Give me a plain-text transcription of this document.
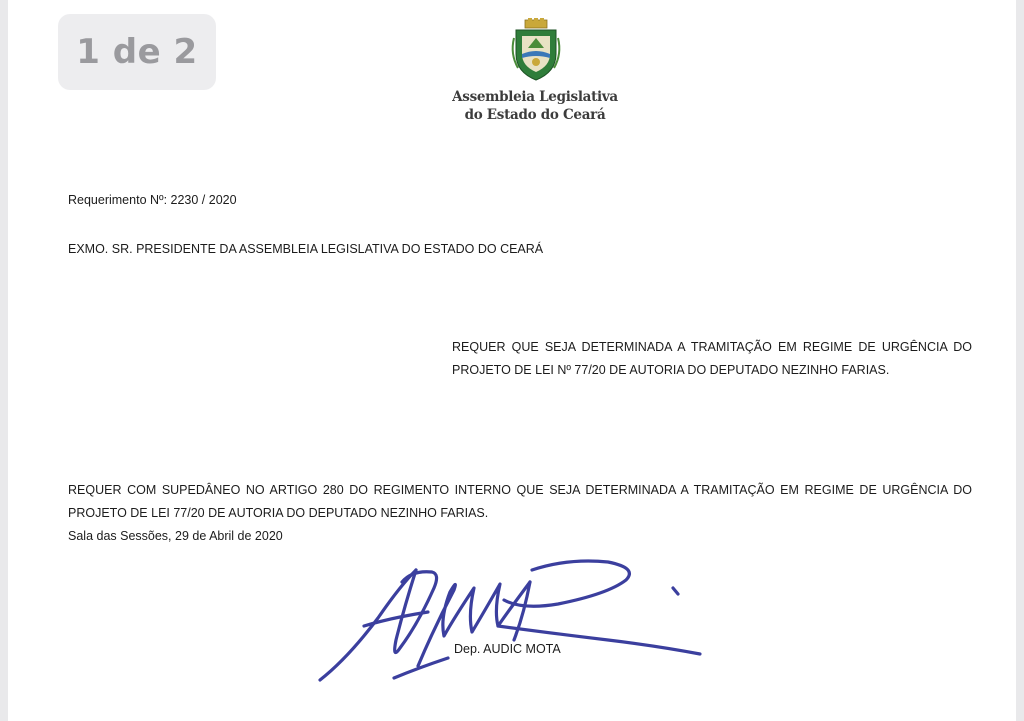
Assembleia Legislativa
do Estado do Ceará
Requerimento Nº: 2230 / 2020
EXMO. SR. PRESIDENTE DA ASSEMBLEIA LEGISLATIVA DO ESTADO DO CEARÁ
REQUER QUE SEJA DETERMINADA A TRAMITAÇÃO EM REGIME DE URGÊNCIA DO PROJETO DE LEI Nº 77/20 DE AUTORIA DO DEPUTADO NEZINHO FARIAS.
REQUER COM SUPEDÂNEO NO ARTIGO 280 DO REGIMENTO INTERNO QUE SEJA DETERMINADA A TRAMITAÇÃO EM REGIME DE URGÊNCIA DO PROJETO DE LEI 77/20 DE AUTORIA DO DEPUTADO NEZINHO FARIAS.
Sala das Sessões, 29 de Abril de 2020
Dep. AUDIC MOTA
1 de 2
